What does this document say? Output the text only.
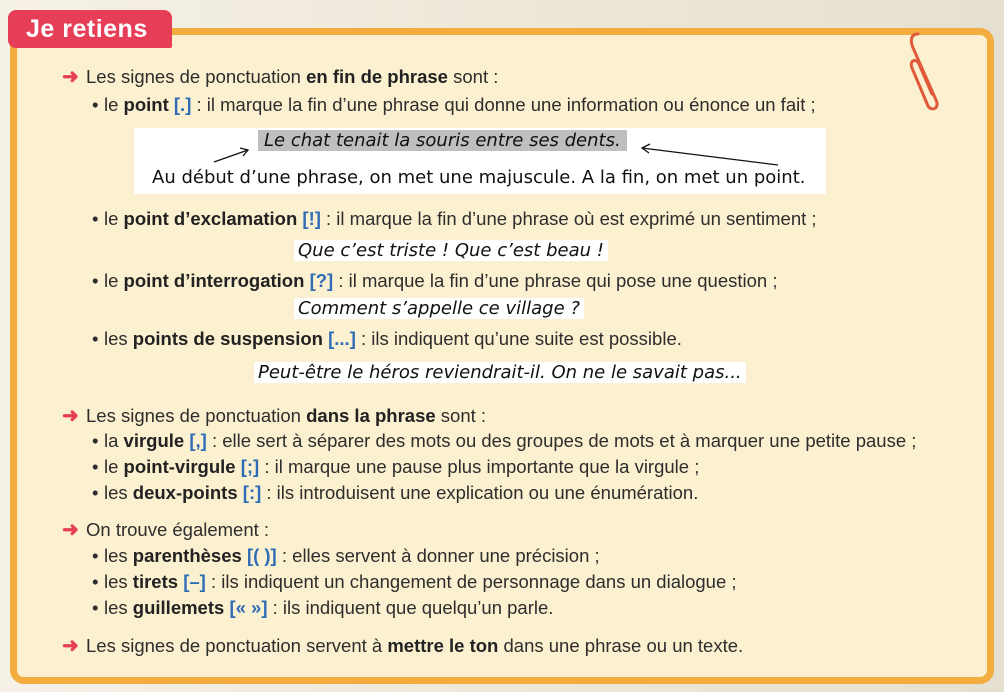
Je retiens
➜ Les signes de ponctuation en fin de phrase sont :
• le point [.] : il marque la fin d’une phrase qui donne une information ou énonce un fait ;
Le chat tenait la souris entre ses dents.
Au début d’une phrase, on met une majuscule. A la fin, on met un point.
• le point d’exclamation [!] : il marque la fin d’une phrase où est exprimé un sentiment ;
Que c’est triste ! Que c’est beau !
• le point d’interrogation [?] : il marque la fin d’une phrase qui pose une question ;
Comment s’appelle ce village ?
• les points de suspension [...] : ils indiquent qu’une suite est possible.
Peut-être le héros reviendrait-il. On ne le savait pas...
➜ Les signes de ponctuation dans la phrase sont :
• la virgule [,] : elle sert à séparer des mots ou des groupes de mots et à marquer une petite pause ;
• le point-virgule [;] : il marque une pause plus importante que la virgule ;
• les deux-points [:] : ils introduisent une explication ou une énumération.
➜ On trouve également :
• les parenthèses [( )] : elles servent à donner une précision ;
• les tirets [–] : ils indiquent un changement de personnage dans un dialogue ;
• les guillemets [« »] : ils indiquent que quelqu’un parle.
➜ Les signes de ponctuation servent à mettre le ton dans une phrase ou un texte.
